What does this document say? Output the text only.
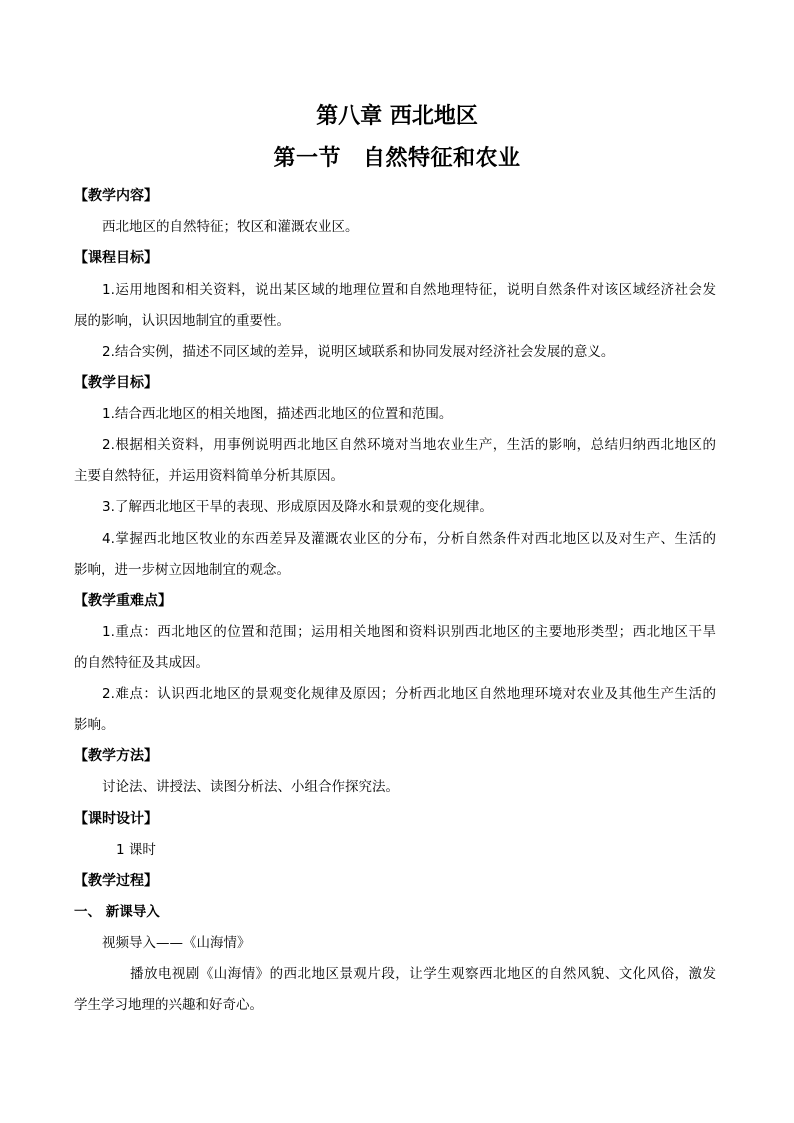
第八章 西北地区
第一节 自然特征和农业
【教学内容】
西北地区的自然特征；牧区和灌溉农业区。
【课程目标】
1.运用地图和相关资料，说出某区域的地理位置和自然地理特征，说明自然条件对该区域经济社会发
展的影响，认识因地制宜的重要性。
2.结合实例，描述不同区域的差异，说明区域联系和协同发展对经济社会发展的意义。
【教学目标】
1.结合西北地区的相关地图，描述西北地区的位置和范围。
2.根据相关资料，用事例说明西北地区自然环境对当地农业生产，生活的影响，总结归纳西北地区的
主要自然特征，并运用资料简单分析其原因。
3.了解西北地区干旱的表现、形成原因及降水和景观的变化规律。
4.掌握西北地区牧业的东西差异及灌溉农业区的分布，分析自然条件对西北地区以及对生产、生活的
影响，进一步树立因地制宜的观念。
【教学重难点】
1.重点：西北地区的位置和范围；运用相关地图和资料识别西北地区的主要地形类型；西北地区干旱
的自然特征及其成因。
2.难点：认识西北地区的景观变化规律及原因；分析西北地区自然地理环境对农业及其他生产生活的
影响。
【教学方法】
讨论法、讲授法、读图分析法、小组合作探究法。
【课时设计】
1 课时
【教学过程】
一、 新课导入
视频导入——《山海情》
播放电视剧《山海情》的西北地区景观片段，让学生观察西北地区的自然风貌、文化风俗，激发
学生学习地理的兴趣和好奇心。
